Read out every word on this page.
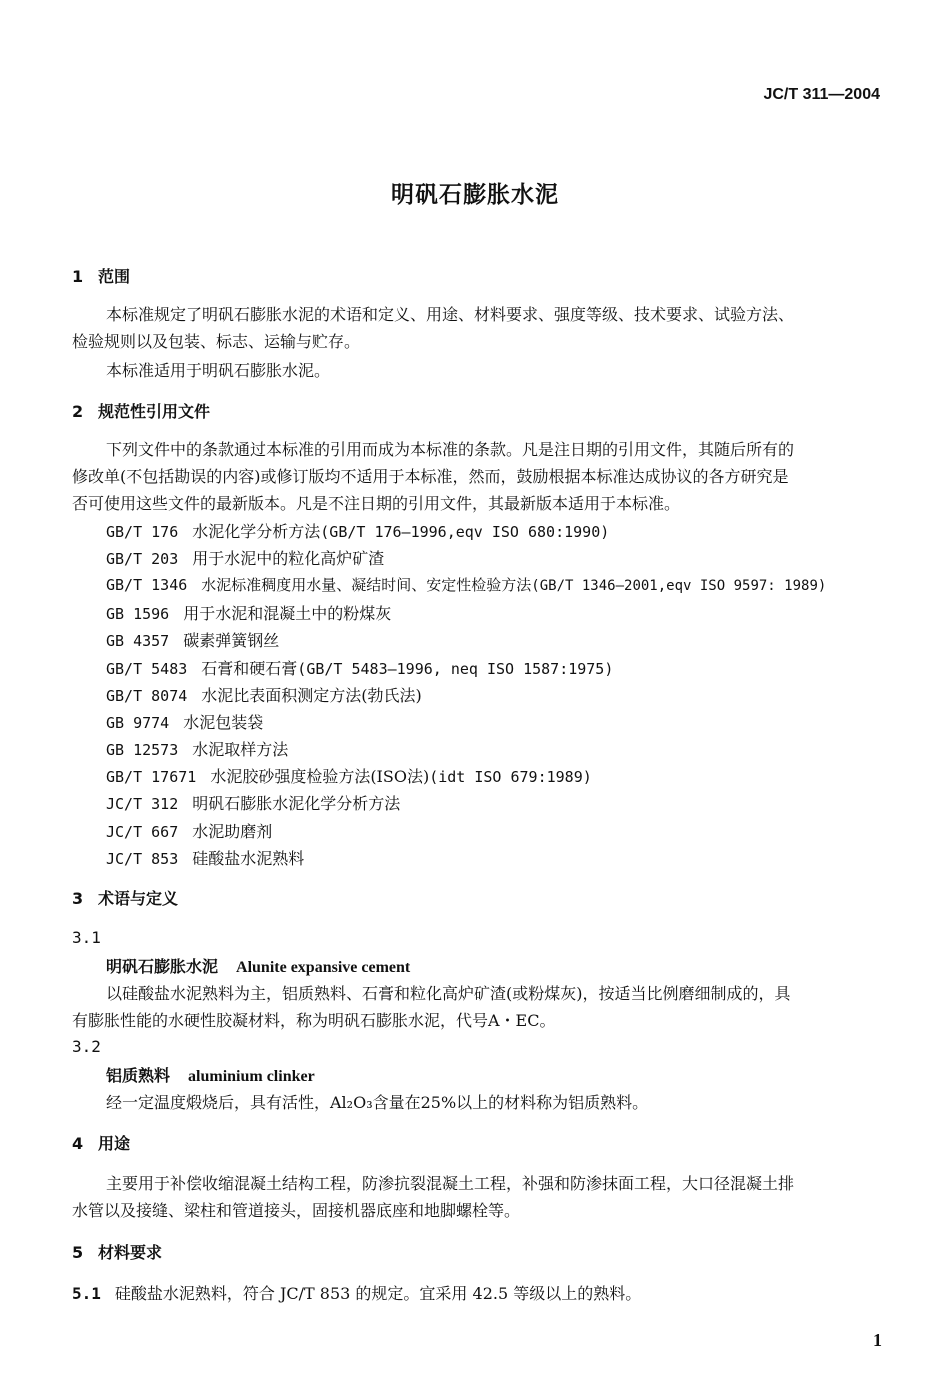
JC/T 311—2004
明矾石膨胀水泥
1 范围
本标准规定了明矾石膨胀水泥的术语和定义、用途、材料要求、强度等级、技术要求、试验方法、
检验规则以及包装、标志、运输与贮存。
本标准适用于明矾石膨胀水泥。
2 规范性引用文件
下列文件中的条款通过本标准的引用而成为本标准的条款。凡是注日期的引用文件，其随后所有的
修改单(不包括勘误的内容)或修订版均不适用于本标准，然而，鼓励根据本标准达成协议的各方研究是
否可使用这些文件的最新版本。凡是不注日期的引用文件，其最新版本适用于本标准。
GB/T 176 水泥化学分析方法(GB/T 176—1996,eqv ISO 680:1990)
GB/T 203 用于水泥中的粒化高炉矿渣
GB/T 1346 水泥标准稠度用水量、凝结时间、安定性检验方法(GB/T 1346—2001,eqv ISO 9597: 1989)
GB 1596 用于水泥和混凝土中的粉煤灰
GB 4357 碳素弹簧钢丝
GB/T 5483 石膏和硬石膏(GB/T 5483—1996, neq ISO 1587:1975)
GB/T 8074 水泥比表面积测定方法(勃氏法)
GB 9774 水泥包装袋
GB 12573 水泥取样方法
GB/T 17671 水泥胶砂强度检验方法(ISO法)(idt ISO 679:1989)
JC/T 312 明矾石膨胀水泥化学分析方法
JC/T 667 水泥助磨剂
JC/T 853 硅酸盐水泥熟料
3 术语与定义
3.1
明矾石膨胀水泥 Alunite expansive cement
以硅酸盐水泥熟料为主，铝质熟料、石膏和粒化高炉矿渣(或粉煤灰)，按适当比例磨细制成的，具
有膨胀性能的水硬性胶凝材料，称为明矾石膨胀水泥，代号A・EC。
3.2
铝质熟料 aluminium clinker
经一定温度煅烧后，具有活性，Al₂O₃含量在25%以上的材料称为铝质熟料。
4 用途
主要用于补偿收缩混凝土结构工程，防渗抗裂混凝土工程，补强和防渗抹面工程，大口径混凝土排
水管以及接缝、梁柱和管道接头，固接机器底座和地脚螺栓等。
5 材料要求
5.1 硅酸盐水泥熟料，符合 JC/T 853 的规定。宜采用 42.5 等级以上的熟料。
1
